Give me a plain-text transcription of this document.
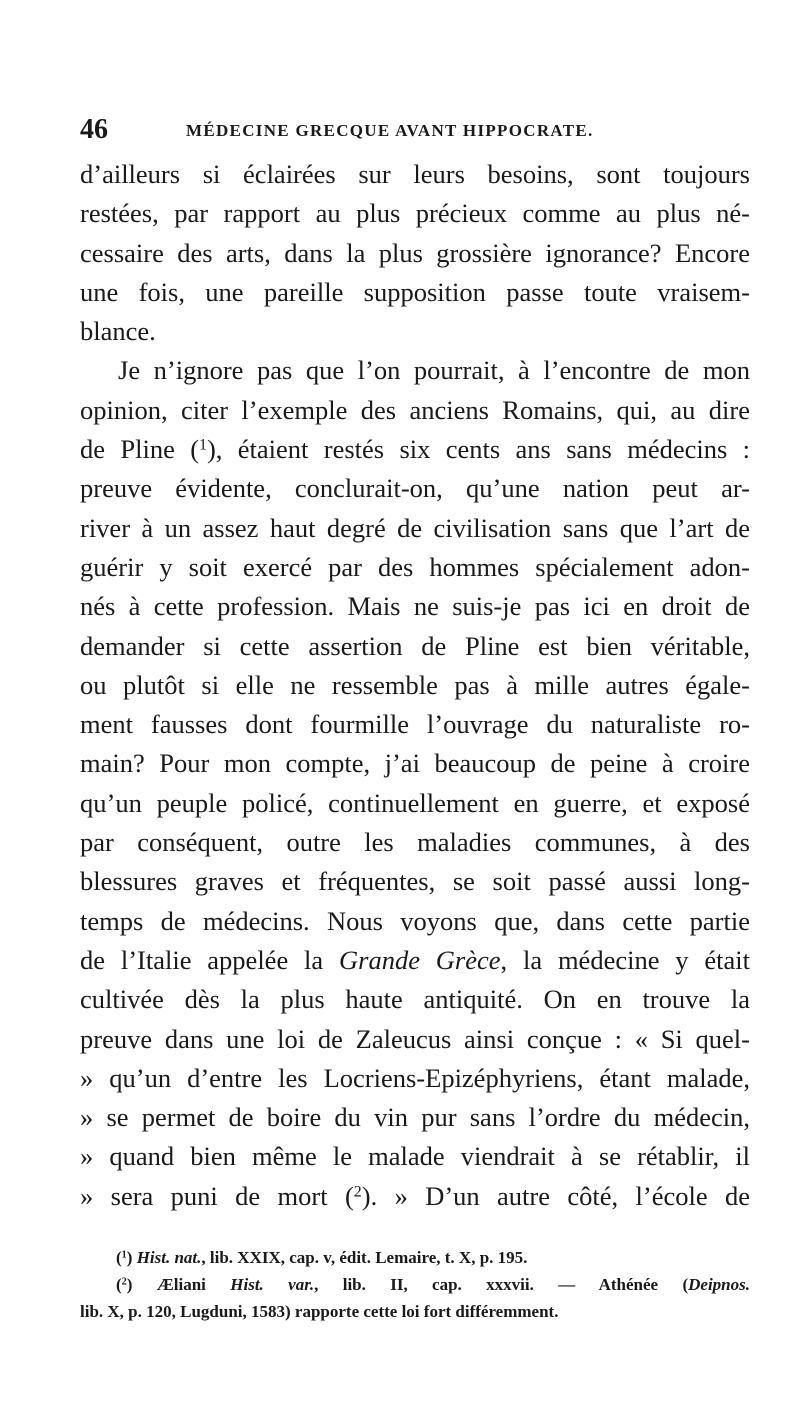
46	MÉDECINE GRECQUE AVANT HIPPOCRATE.
d’ailleurs si éclairées sur leurs besoins, sont toujours
restées, par rapport au plus précieux comme au plus né-
cessaire des arts, dans la plus grossière ignorance? Encore
une fois, une pareille supposition passe toute vraisem-
blance.
Je n’ignore pas que l’on pourrait, à l’encontre de mon
opinion, citer l’exemple des anciens Romains, qui, au dire
de Pline ($^1$), étaient restés six cents ans sans médecins :
preuve évidente, conclurait-on, qu’une nation peut ar-
river à un assez haut degré de civilisation sans que l’art de
guérir y soit exercé par des hommes spécialement adon-
nés à cette profession. Mais ne suis-je pas ici en droit de
demander si cette assertion de Pline est bien véritable,
ou plutôt si elle ne ressemble pas à mille autres égale-
ment fausses dont fourmille l’ouvrage du naturaliste ro-
main? Pour mon compte, j’ai beaucoup de peine à croire
qu’un peuple policé, continuellement en guerre, et exposé
par conséquent, outre les maladies communes, à des
blessures graves et fréquentes, se soit passé aussi long-
temps de médecins. Nous voyons que, dans cette partie
de l’Italie appelée la Grande Grèce, la médecine y était
cultivée dès la plus haute antiquité. On en trouve la
preuve dans une loi de Zaleucus ainsi conçue : « Si quel-
» qu’un d’entre les Locriens-Epizéphyriens, étant malade,
» se permet de boire du vin pur sans l’ordre du médecin,
» quand bien même le malade viendrait à se rétablir, il
» sera puni de mort ($^2$). » D’un autre côté, l’école de
($^1$) Hist. nat., lib. XXIX, cap. v, édit. Lemaire, t. X, p. 195.
($^2$) Æliani Hist. var., lib. II, cap. xxxvii. — Athénée (Deipnos.
lib. X, p. 120, Lugduni, 1583) rapporte cette loi fort différemment.
